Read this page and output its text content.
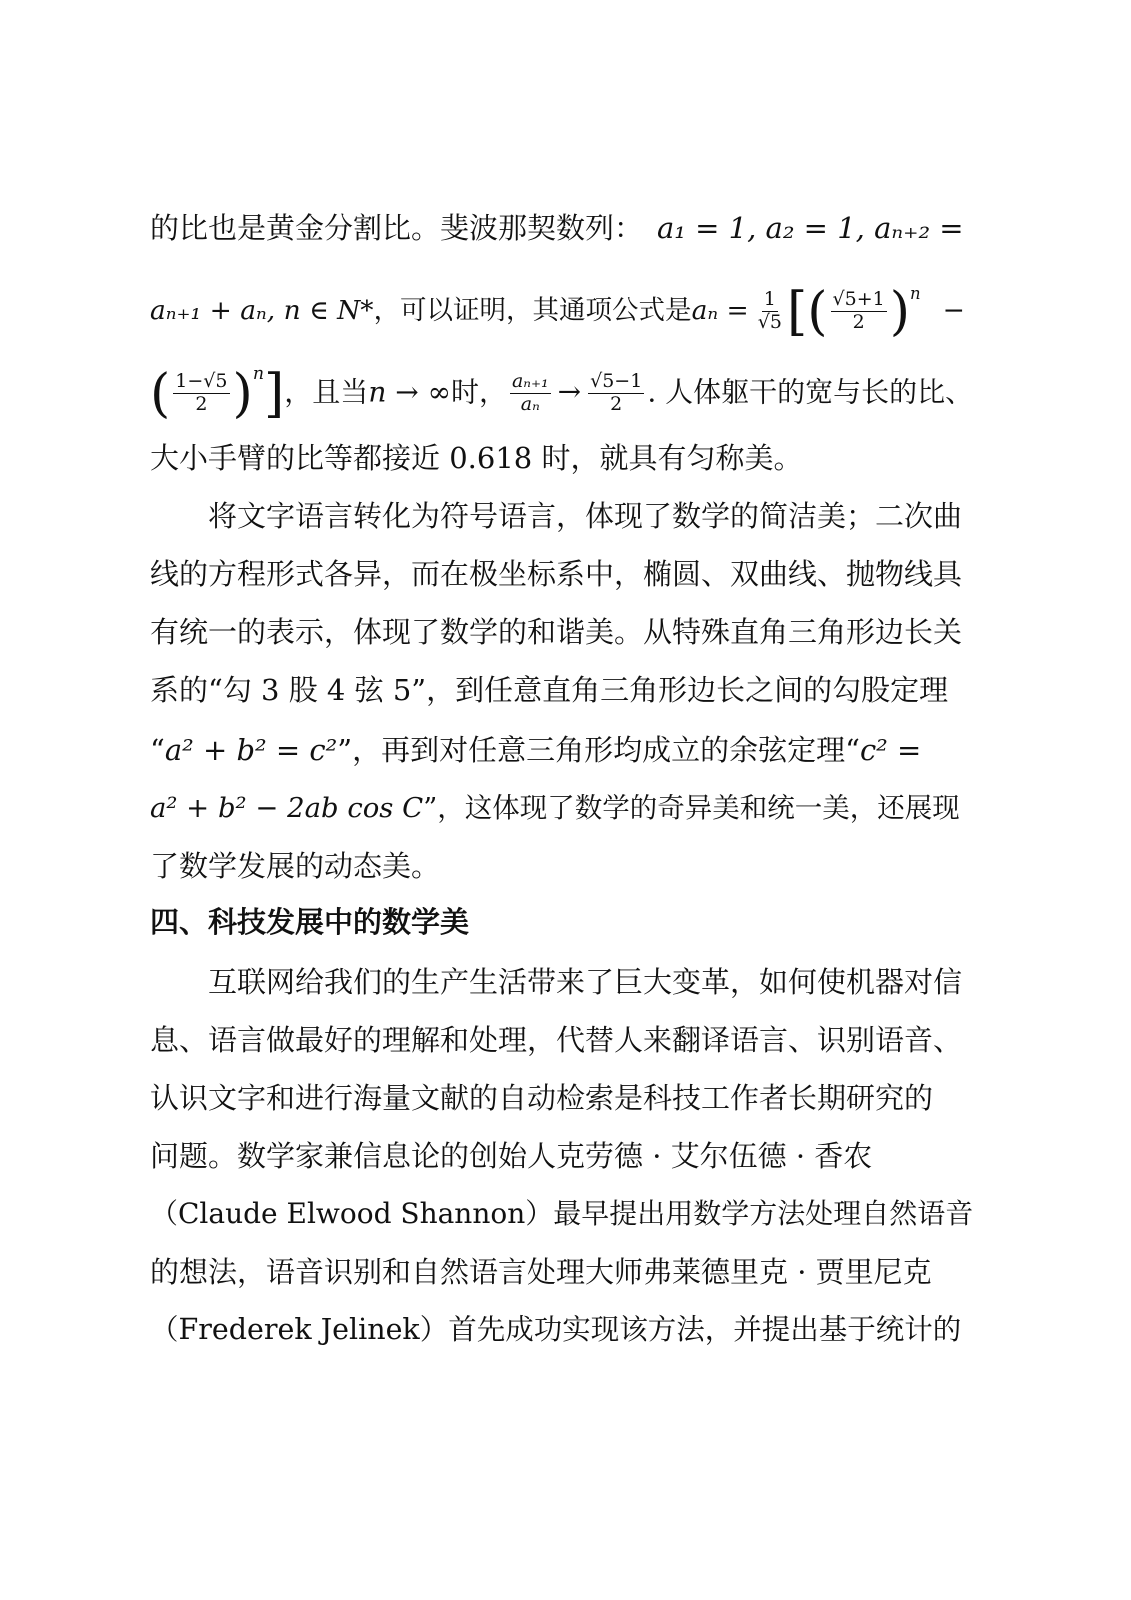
的比也是黄金分割比。斐波那契数列： a₁ = 1, a₂ = 1, aₙ₊₂ =
aₙ₊₁ + aₙ, n ∈ N*，可以证明，其通项公式是$a_n = \frac{1}{√5}$ [( $\frac{√5+1}{2} )^n-$
( $\frac{1-√5}{2} )^n$]，且当n → ∞时， $\frac{\text{aₙ₊₁}}{\text{aₙ}} \to \frac{√5-1}{2}$ . 人体躯干的宽与长的比、
大小手臂的比等都接近 0.618 时，就具有匀称美。
将文字语言转化为符号语言，体现了数学的简洁美；二次曲
线的方程形式各异，而在极坐标系中，椭圆、双曲线、抛物线具
有统一的表示，体现了数学的和谐美。从特殊直角三角形边长关
系的“勾 3 股 4 弦 5”，到任意直角三角形边长之间的勾股定理
“a² + b² = c²”，再到对任意三角形均成立的余弦定理“c² =
a² + b² − 2ab cos C”，这体现了数学的奇异美和统一美，还展现
了数学发展的动态美。
四、科技发展中的数学美
互联网给我们的生产生活带来了巨大变革，如何使机器对信
息、语言做最好的理解和处理，代替人来翻译语言、识别语音、
认识文字和进行海量文献的自动检索是科技工作者长期研究的
问题。数学家兼信息论的创始人克劳德 · 艾尔伍德 · 香农
（Claude Elwood Shannon）最早提出用数学方法处理自然语音
的想法，语音识别和自然语言处理大师弗莱德里克 · 贾里尼克
（Frederek Jelinek）首先成功实现该方法，并提出基于统计的
